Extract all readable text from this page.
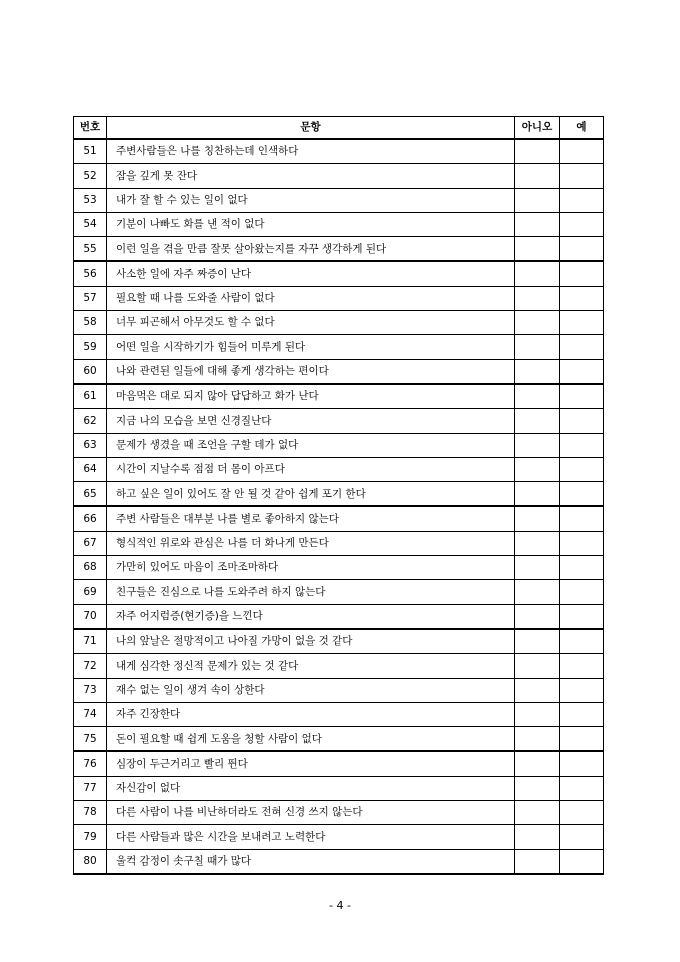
번호	문항	아니오	예
51	주변사람들은 나를 칭찬하는데 인색하다		
52	잠을 깊게 못 잔다		
53	내가 잘 할 수 있는 일이 없다		
54	기분이 나빠도 화를 낸 적이 없다		
55	이런 일을 겪을 만큼 잘못 살아왔는지를 자꾸 생각하게 된다		
56	사소한 일에 자주 짜증이 난다		
57	필요할 때 나를 도와줄 사람이 없다		
58	너무 피곤해서 아무것도 할 수 없다		
59	어떤 일을 시작하기가 힘들어 미루게 된다		
60	나와 관련된 일들에 대해 좋게 생각하는 편이다		
61	마음먹은 대로 되지 않아 답답하고 화가 난다		
62	지금 나의 모습을 보면 신경질난다		
63	문제가 생겼을 때 조언을 구할 데가 없다		
64	시간이 지날수록 점점 더 몸이 아프다		
65	하고 싶은 일이 있어도 잘 안 될 것 같아 쉽게 포기 한다		
66	주변 사람들은 대부분 나를 별로 좋아하지 않는다		
67	형식적인 위로와 관심은 나를 더 화나게 만든다		
68	가만히 있어도 마음이 조마조마하다		
69	친구들은 진심으로 나를 도와주려 하지 않는다		
70	자주 어지럼증(현기증)을 느낀다		
71	나의 앞날은 절망적이고 나아질 가망이 없을 것 같다		
72	내게 심각한 정신적 문제가 있는 것 같다		
73	재수 없는 일이 생겨 속이 상한다		
74	자주 긴장한다		
75	돈이 필요할 때 쉽게 도움을 청할 사람이 없다		
76	심장이 두근거리고 빨리 뛴다		
77	자신감이 없다		
78	다른 사람이 나를 비난하더라도 전혀 신경 쓰지 않는다		
79	다른 사람들과 많은 시간을 보내려고 노력한다		
80	울컥 감정이 솟구칠 때가 많다		
- 4 -
